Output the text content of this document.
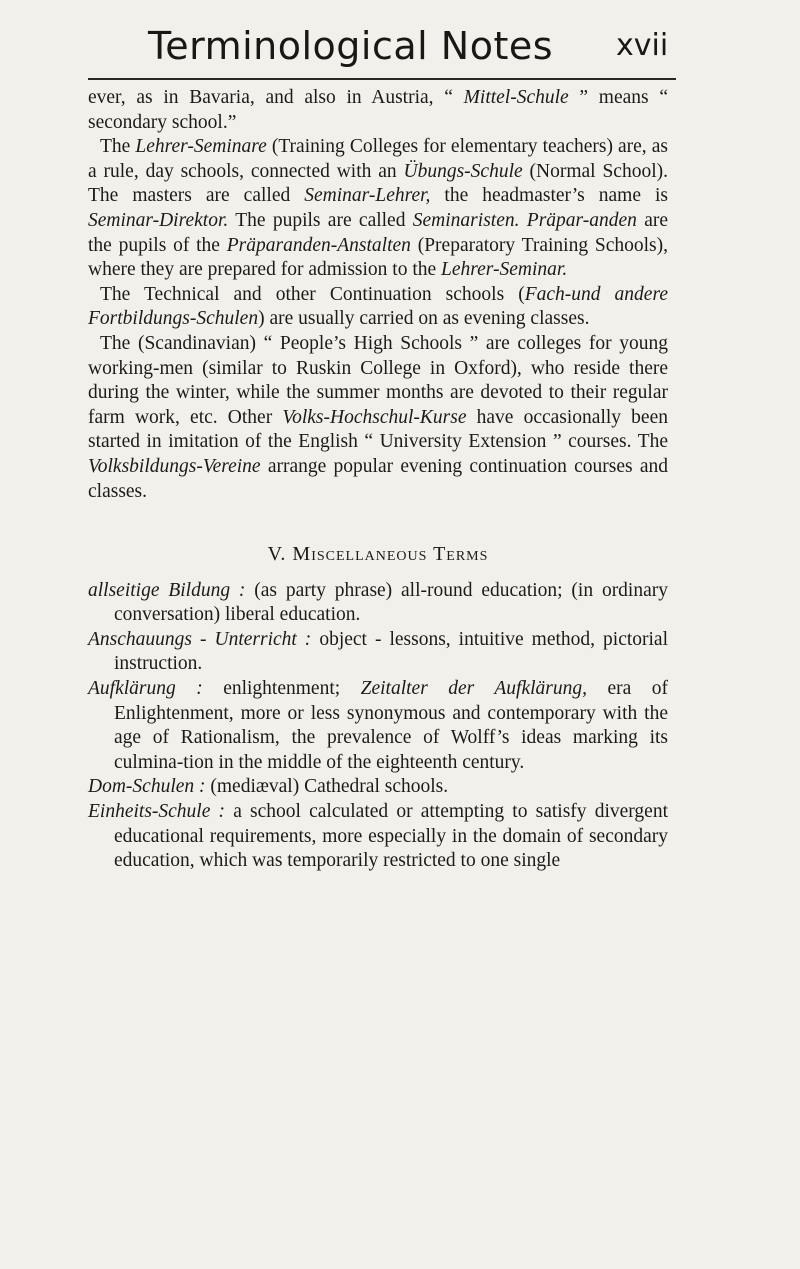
Terminological Notes xvii

ever, as in Bavaria, and also in Austria, “ Mittel-Schule ” means “ secondary school.”

The Lehrer-Seminare (Training Colleges for elementary teachers) are, as a rule, day schools, connected with an Übungs-Schule (Normal School). The masters are called Seminar-Lehrer, the headmaster’s name is Seminar-Direktor. The pupils are called Seminaristen. Präpar-anden are the pupils of the Präparanden-Anstalten (Preparatory Training Schools), where they are prepared for admission to the Lehrer-Seminar.

The Technical and other Continuation schools (Fach-und andere Fortbildungs-Schulen) are usually carried on as evening classes.

The (Scandinavian) “ People’s High Schools ” are colleges for young working-men (similar to Ruskin College in Oxford), who reside there during the winter, while the summer months are devoted to their regular farm work, etc. Other Volks-Hochschul-Kurse have occasionally been started in imitation of the English “ University Extension ” courses. The Volksbildungs-Vereine arrange popular evening continuation courses and classes.

V. Miscellaneous Terms

allseitige Bildung : (as party phrase) all-round education; (in ordinary conversation) liberal education.

Anschauungs - Unterricht : object - lessons, intuitive method, pictorial instruction.

Aufklärung : enlightenment; Zeitalter der Aufklärung, era of Enlightenment, more or less synonymous and contemporary with the age of Rationalism, the prevalence of Wolff’s ideas marking its culmina-tion in the middle of the eighteenth century.

Dom-Schulen : (mediæval) Cathedral schools.

Einheits-Schule : a school calculated or attempting to satisfy divergent educational requirements, more especially in the domain of secondary education, which was temporarily restricted to one single
